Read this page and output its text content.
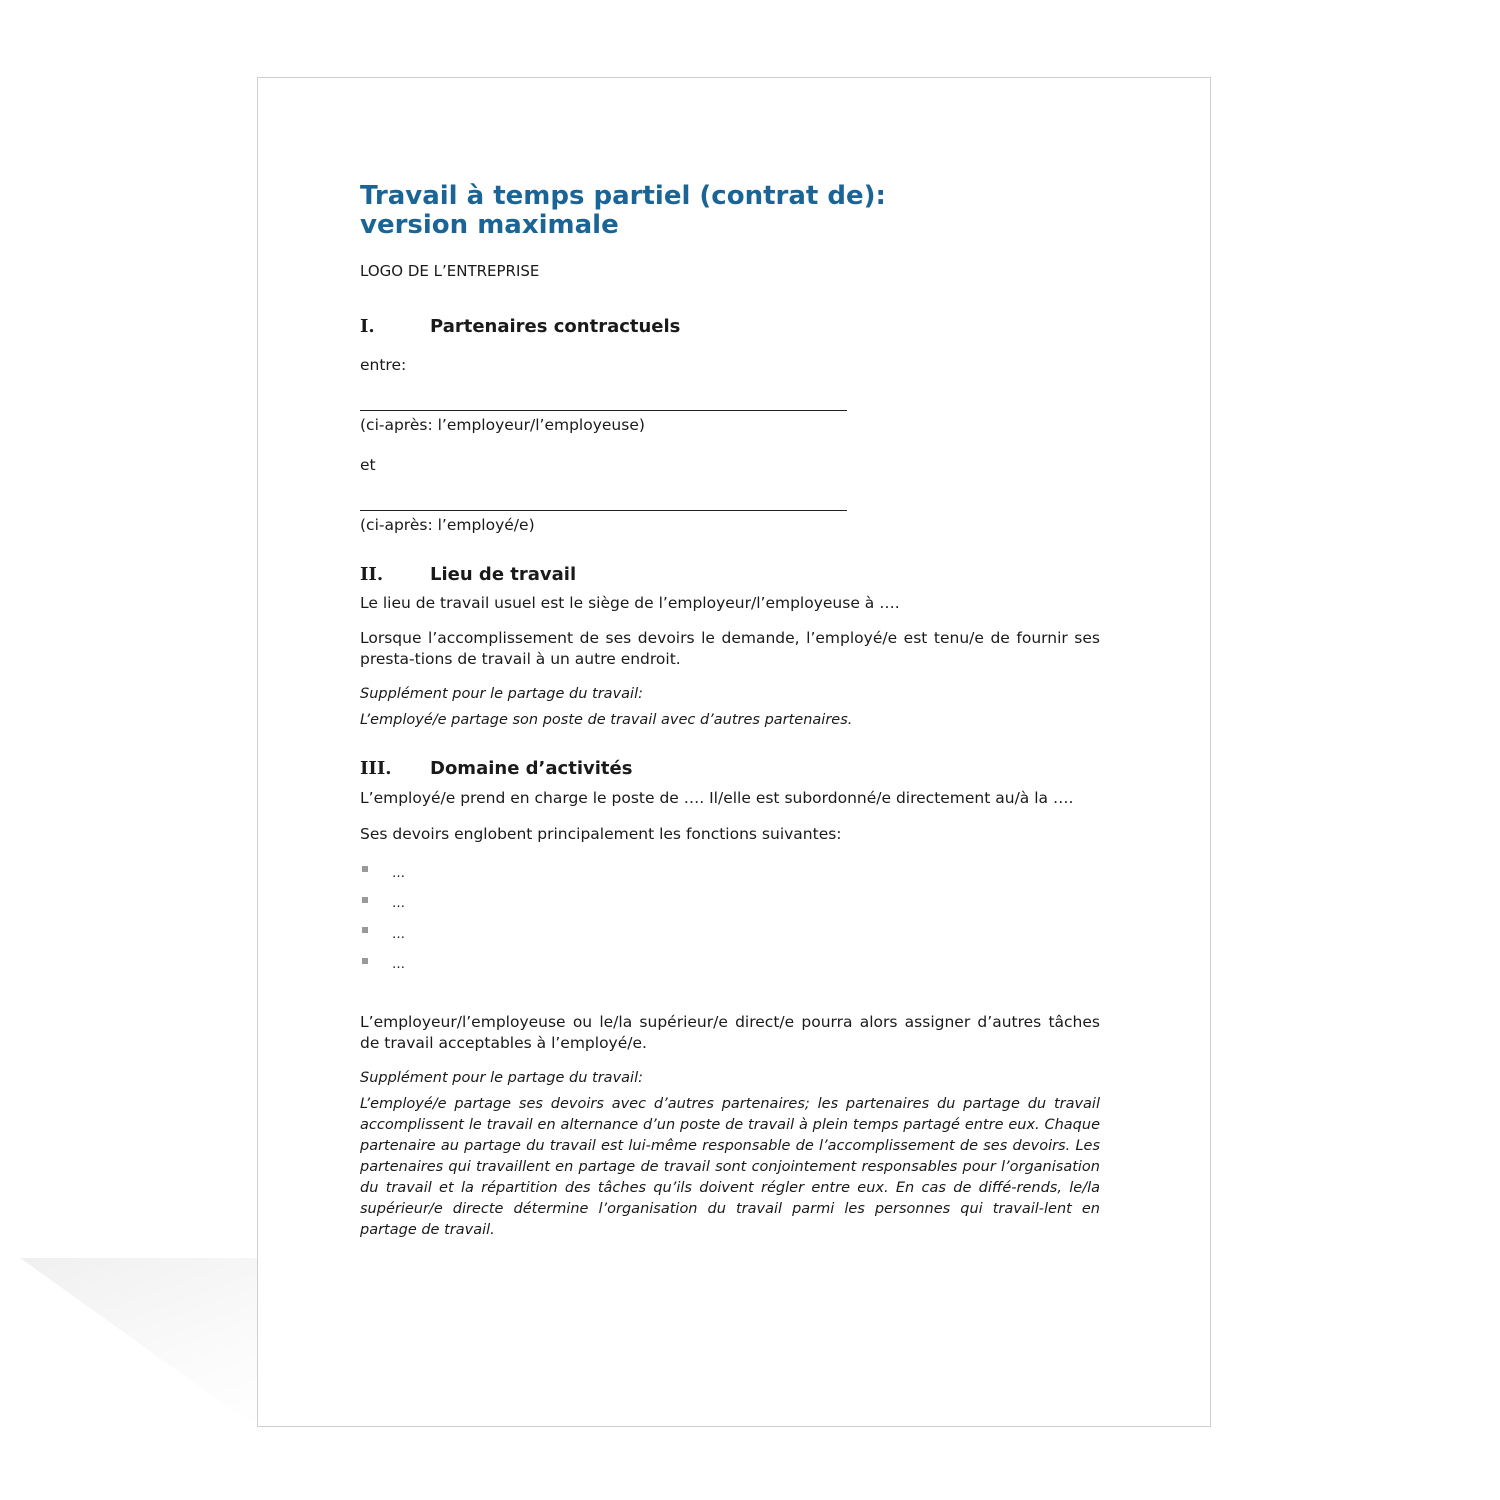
Travail à temps partiel (contrat de):
version maximale
LOGO DE L’ENTREPRISE
I.	Partenaires contractuels
entre:
(ci-après: l’employeur/l’employeuse)
et
(ci-après: l’employé/e)
II.	Lieu de travail
Le lieu de travail usuel est le siège de l’employeur/l’employeuse à ….
Lorsque l’accomplissement de ses devoirs le demande, l’employé/e est tenu/e de fournir ses presta-tions de travail à un autre endroit.
Supplément pour le partage du travail:
L’employé/e partage son poste de travail avec d’autres partenaires.
III.	Domaine d’activités
L’employé/e prend en charge le poste de …. Il/elle est subordonné/e directement au/à la ….
Ses devoirs englobent principalement les fonctions suivantes:
…
…
…
…
L’employeur/l’employeuse ou le/la supérieur/e direct/e pourra alors assigner d’autres tâches de travail acceptables à l’employé/e.
Supplément pour le partage du travail:
L’employé/e partage ses devoirs avec d’autres partenaires; les partenaires du partage du travail accomplissent le travail en alternance d’un poste de travail à plein temps partagé entre eux. Chaque partenaire au partage du travail est lui-même responsable de l’accomplissement de ses devoirs. Les partenaires qui travaillent en partage de travail sont conjointement responsables pour l’organisation du travail et la répartition des tâches qu’ils doivent régler entre eux. En cas de diffé-rends, le/la supérieur/e directe détermine l’organisation du travail parmi les personnes qui travail-lent en partage de travail.
